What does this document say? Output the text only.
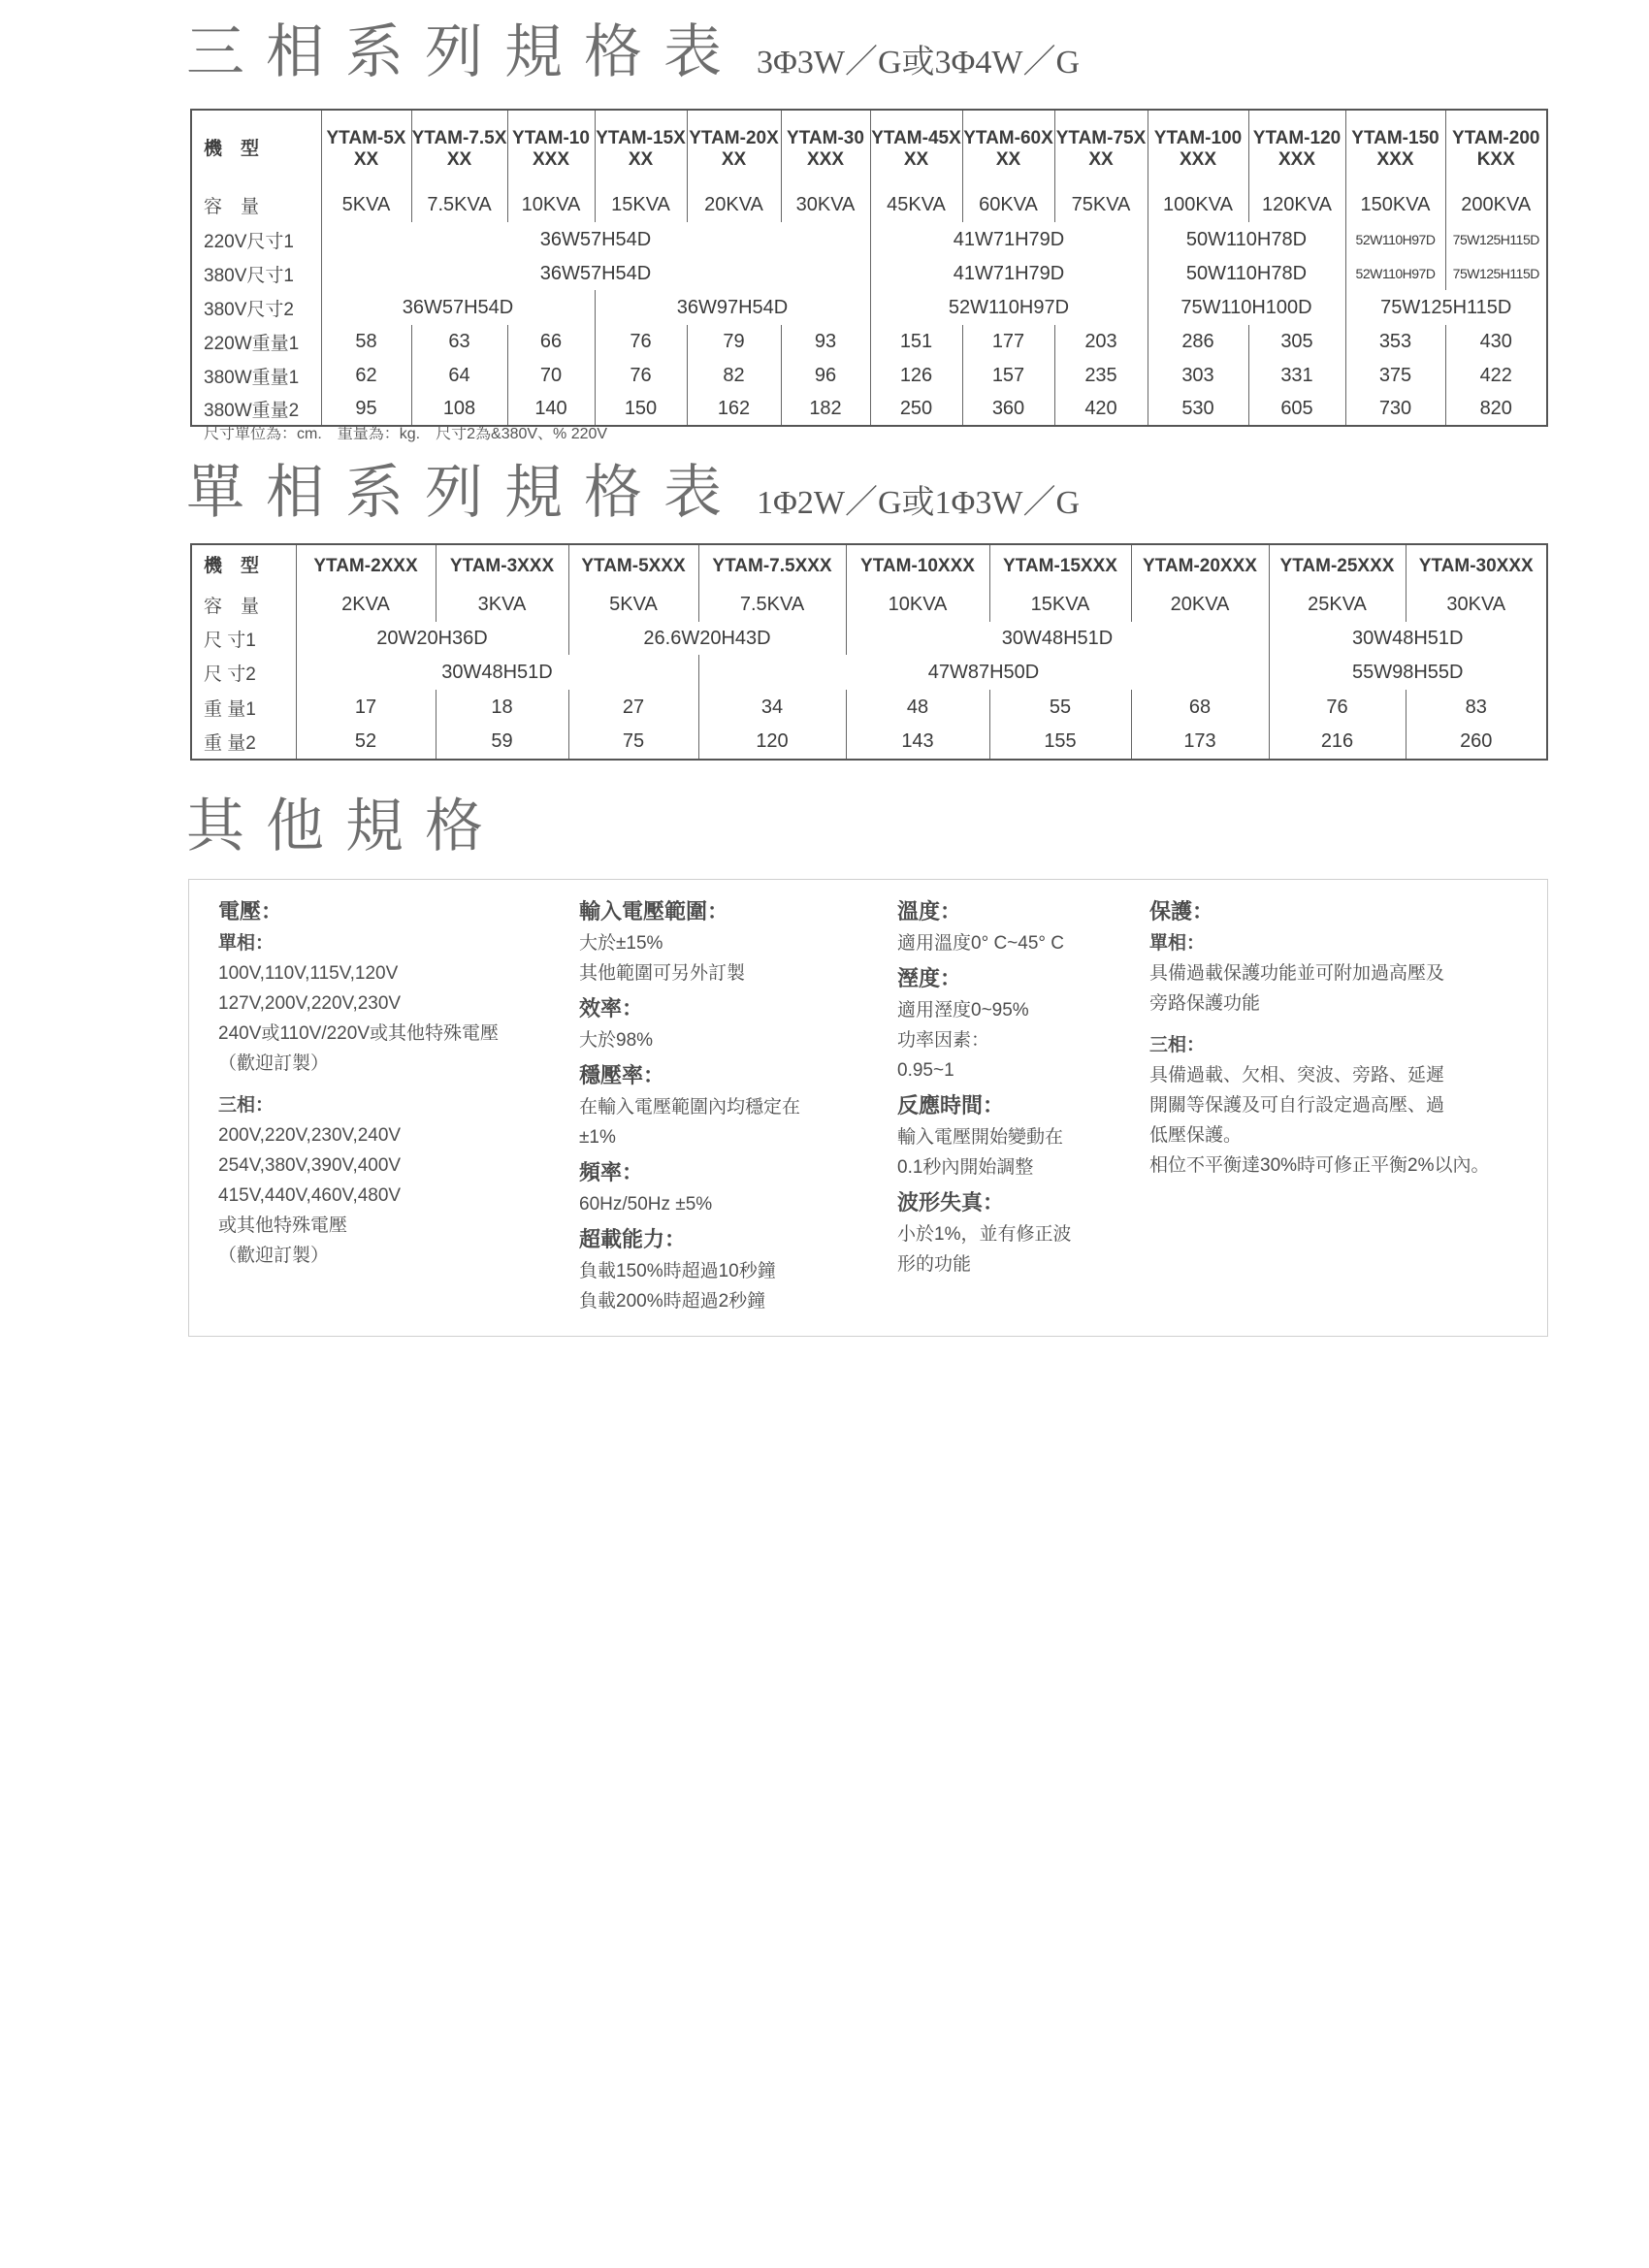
三相系列規格表 3Φ3W／G或3Φ4W／G
機　型	YTAM-5XXX	YTAM-7.5XXX	YTAM-10XXX	YTAM-15XXX	YTAM-20XXX	YTAM-30XXX	YTAM-45XXX	YTAM-60XXX	YTAM-75XXX	YTAM-100XXX	YTAM-120XXX	YTAM-150XXX	YTAM-200KXX
容　量	5KVA	7.5KVA	10KVA	15KVA	20KVA	30KVA	45KVA	60KVA	75KVA	100KVA	120KVA	150KVA	200KVA
220V尺寸1	36W57H54D						41W71H79D			50W110H78D		52W110H97D	75W125H115D
380V尺寸1	36W57H54D						41W71H79D			50W110H78D		52W110H97D	75W125H115D
380V尺寸2	36W57H54D			36W97H54D			52W110H97D			75W110H100D		75W125H115D	
220W重量1	58	63	66	76	79	93	151	177	203	286	305	353	430
380W重量1	62	64	70	76	82	96	126	157	235	303	331	375	422
380W重量2	95	108	140	150	162	182	250	360	420	530	605	730	820
尺寸單位為：cm.　重量為：kg.　尺寸2為&380V、% 220V
單相系列規格表 1Φ2W／G或1Φ3W／G
機　型	YTAM-2XXX	YTAM-3XXX	YTAM-5XXX	YTAM-7.5XXX	YTAM-10XXX	YTAM-15XXX	YTAM-20XXX	YTAM-25XXX	YTAM-30XXX
容　量	2KVA	3KVA	5KVA	7.5KVA	10KVA	15KVA	20KVA	25KVA	30KVA
尺 寸1	20W20H36D		26.6W20H43D		30W48H51D			30W48H51D	
尺 寸2	30W48H51D			47W87H50D				55W98H55D	
重 量1	17	18	27	34	48	55	68	76	83
重 量2	52	59	75	120	143	155	173	216	260
其他規格
電壓：
單相：
100V,110V,115V,120V
127V,200V,220V,230V
240V或110V/220V或其他特殊電壓
（歡迎訂製）
三相：
200V,220V,230V,240V
254V,380V,390V,400V
415V,440V,460V,480V
或其他特殊電壓
（歡迎訂製）
輸入電壓範圍：
大於±15%
其他範圍可另外訂製
效率：
大於98%
穩壓率：
在輸入電壓範圍內均穩定在
±1%
頻率：
60Hz/50Hz ±5%
超載能力：
負載150%時超過10秒鐘
負載200%時超過2秒鐘
溫度：
適用溫度0° C~45° C
溼度：
適用溼度0~95%
功率因素：
0.95~1
反應時間：
輸入電壓開始變動在
0.1秒內開始調整
波形失真：
小於1%，並有修正波
形的功能
保護：
單相：
具備過載保護功能並可附加過高壓及
旁路保護功能
三相：
具備過載、欠相、突波、旁路、延遲
開關等保護及可自行設定過高壓、過
低壓保護。
相位不平衡達30%時可修正平衡2%以內。
